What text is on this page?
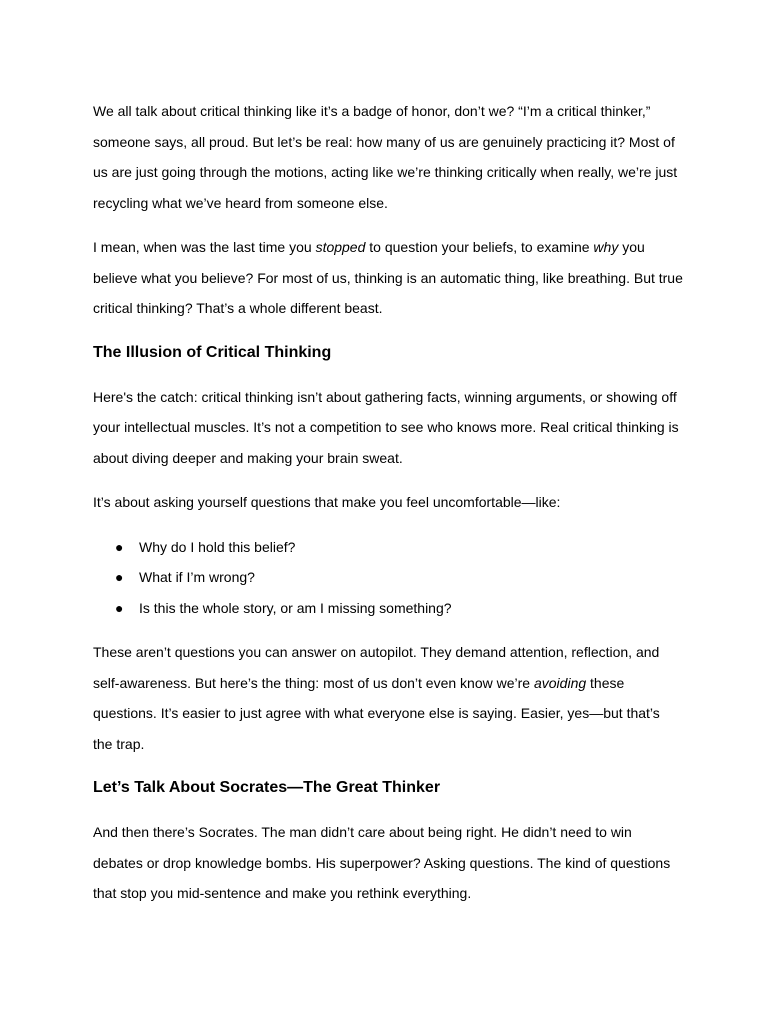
We all talk about critical thinking like it’s a badge of honor, don’t we? “I’m a critical thinker,” someone says, all proud. But let’s be real: how many of us are genuinely practicing it? Most of us are just going through the motions, acting like we’re thinking critically when really, we’re just recycling what we’ve heard from someone else.

I mean, when was the last time you stopped to question your beliefs, to examine why you believe what you believe? For most of us, thinking is an automatic thing, like breathing. But true critical thinking? That’s a whole different beast.

The Illusion of Critical Thinking

Here's the catch: critical thinking isn’t about gathering facts, winning arguments, or showing off your intellectual muscles. It’s not a competition to see who knows more. Real critical thinking is about diving deeper and making your brain sweat.

It’s about asking yourself questions that make you feel uncomfortable—like:

● Why do I hold this belief?
● What if I’m wrong?
● Is this the whole story, or am I missing something?

These aren’t questions you can answer on autopilot. They demand attention, reflection, and self-awareness. But here’s the thing: most of us don’t even know we’re avoiding these questions. It’s easier to just agree with what everyone else is saying. Easier, yes—but that’s the trap.

Let’s Talk About Socrates—The Great Thinker

And then there’s Socrates. The man didn’t care about being right. He didn’t need to win debates or drop knowledge bombs. His superpower? Asking questions. The kind of questions that stop you mid-sentence and make you rethink everything.
